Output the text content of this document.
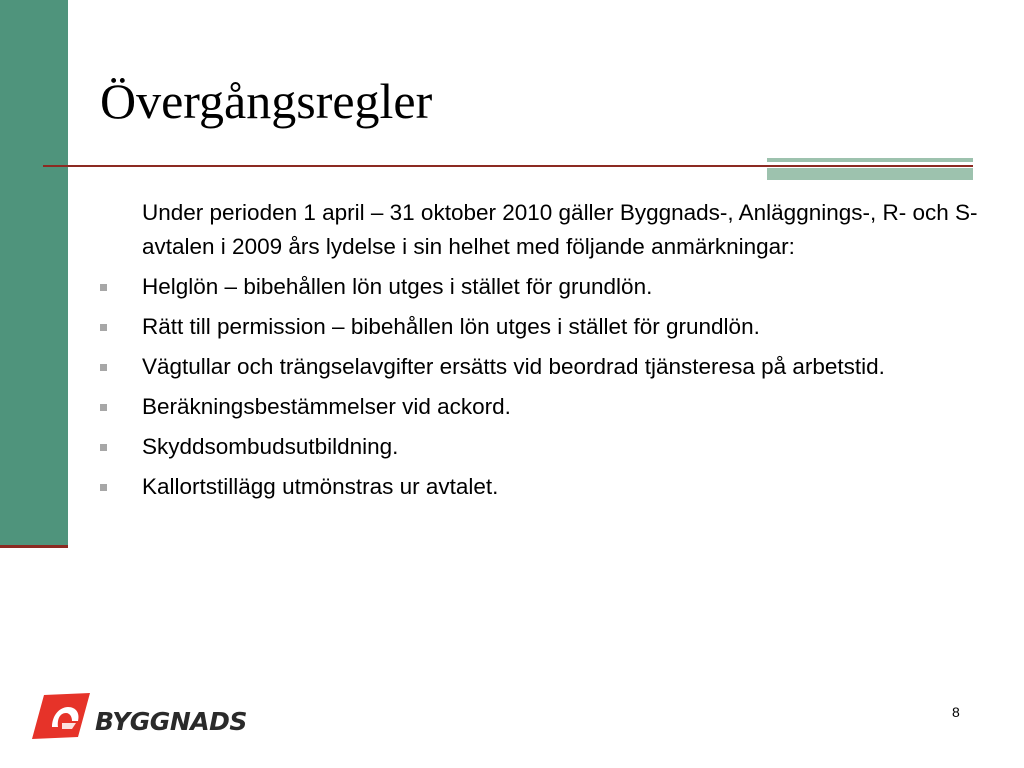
Övergångsregler

Under perioden 1 april – 31 oktober 2010 gäller Byggnads-, Anläggnings-, R- och S-avtalen i 2009 års lydelse i sin helhet med följande anmärkningar:

Helglön – bibehållen lön utges i stället för grundlön.
Rätt till permission – bibehållen lön utges i stället för grundlön.
Vägtullar och trängselavgifter ersätts vid beordrad tjänsteresa på arbetstid.
Beräkningsbestämmelser vid ackord.
Skyddsombudsutbildning.
Kallortstillägg utmönstras ur avtalet.
BYGGNADS	8
